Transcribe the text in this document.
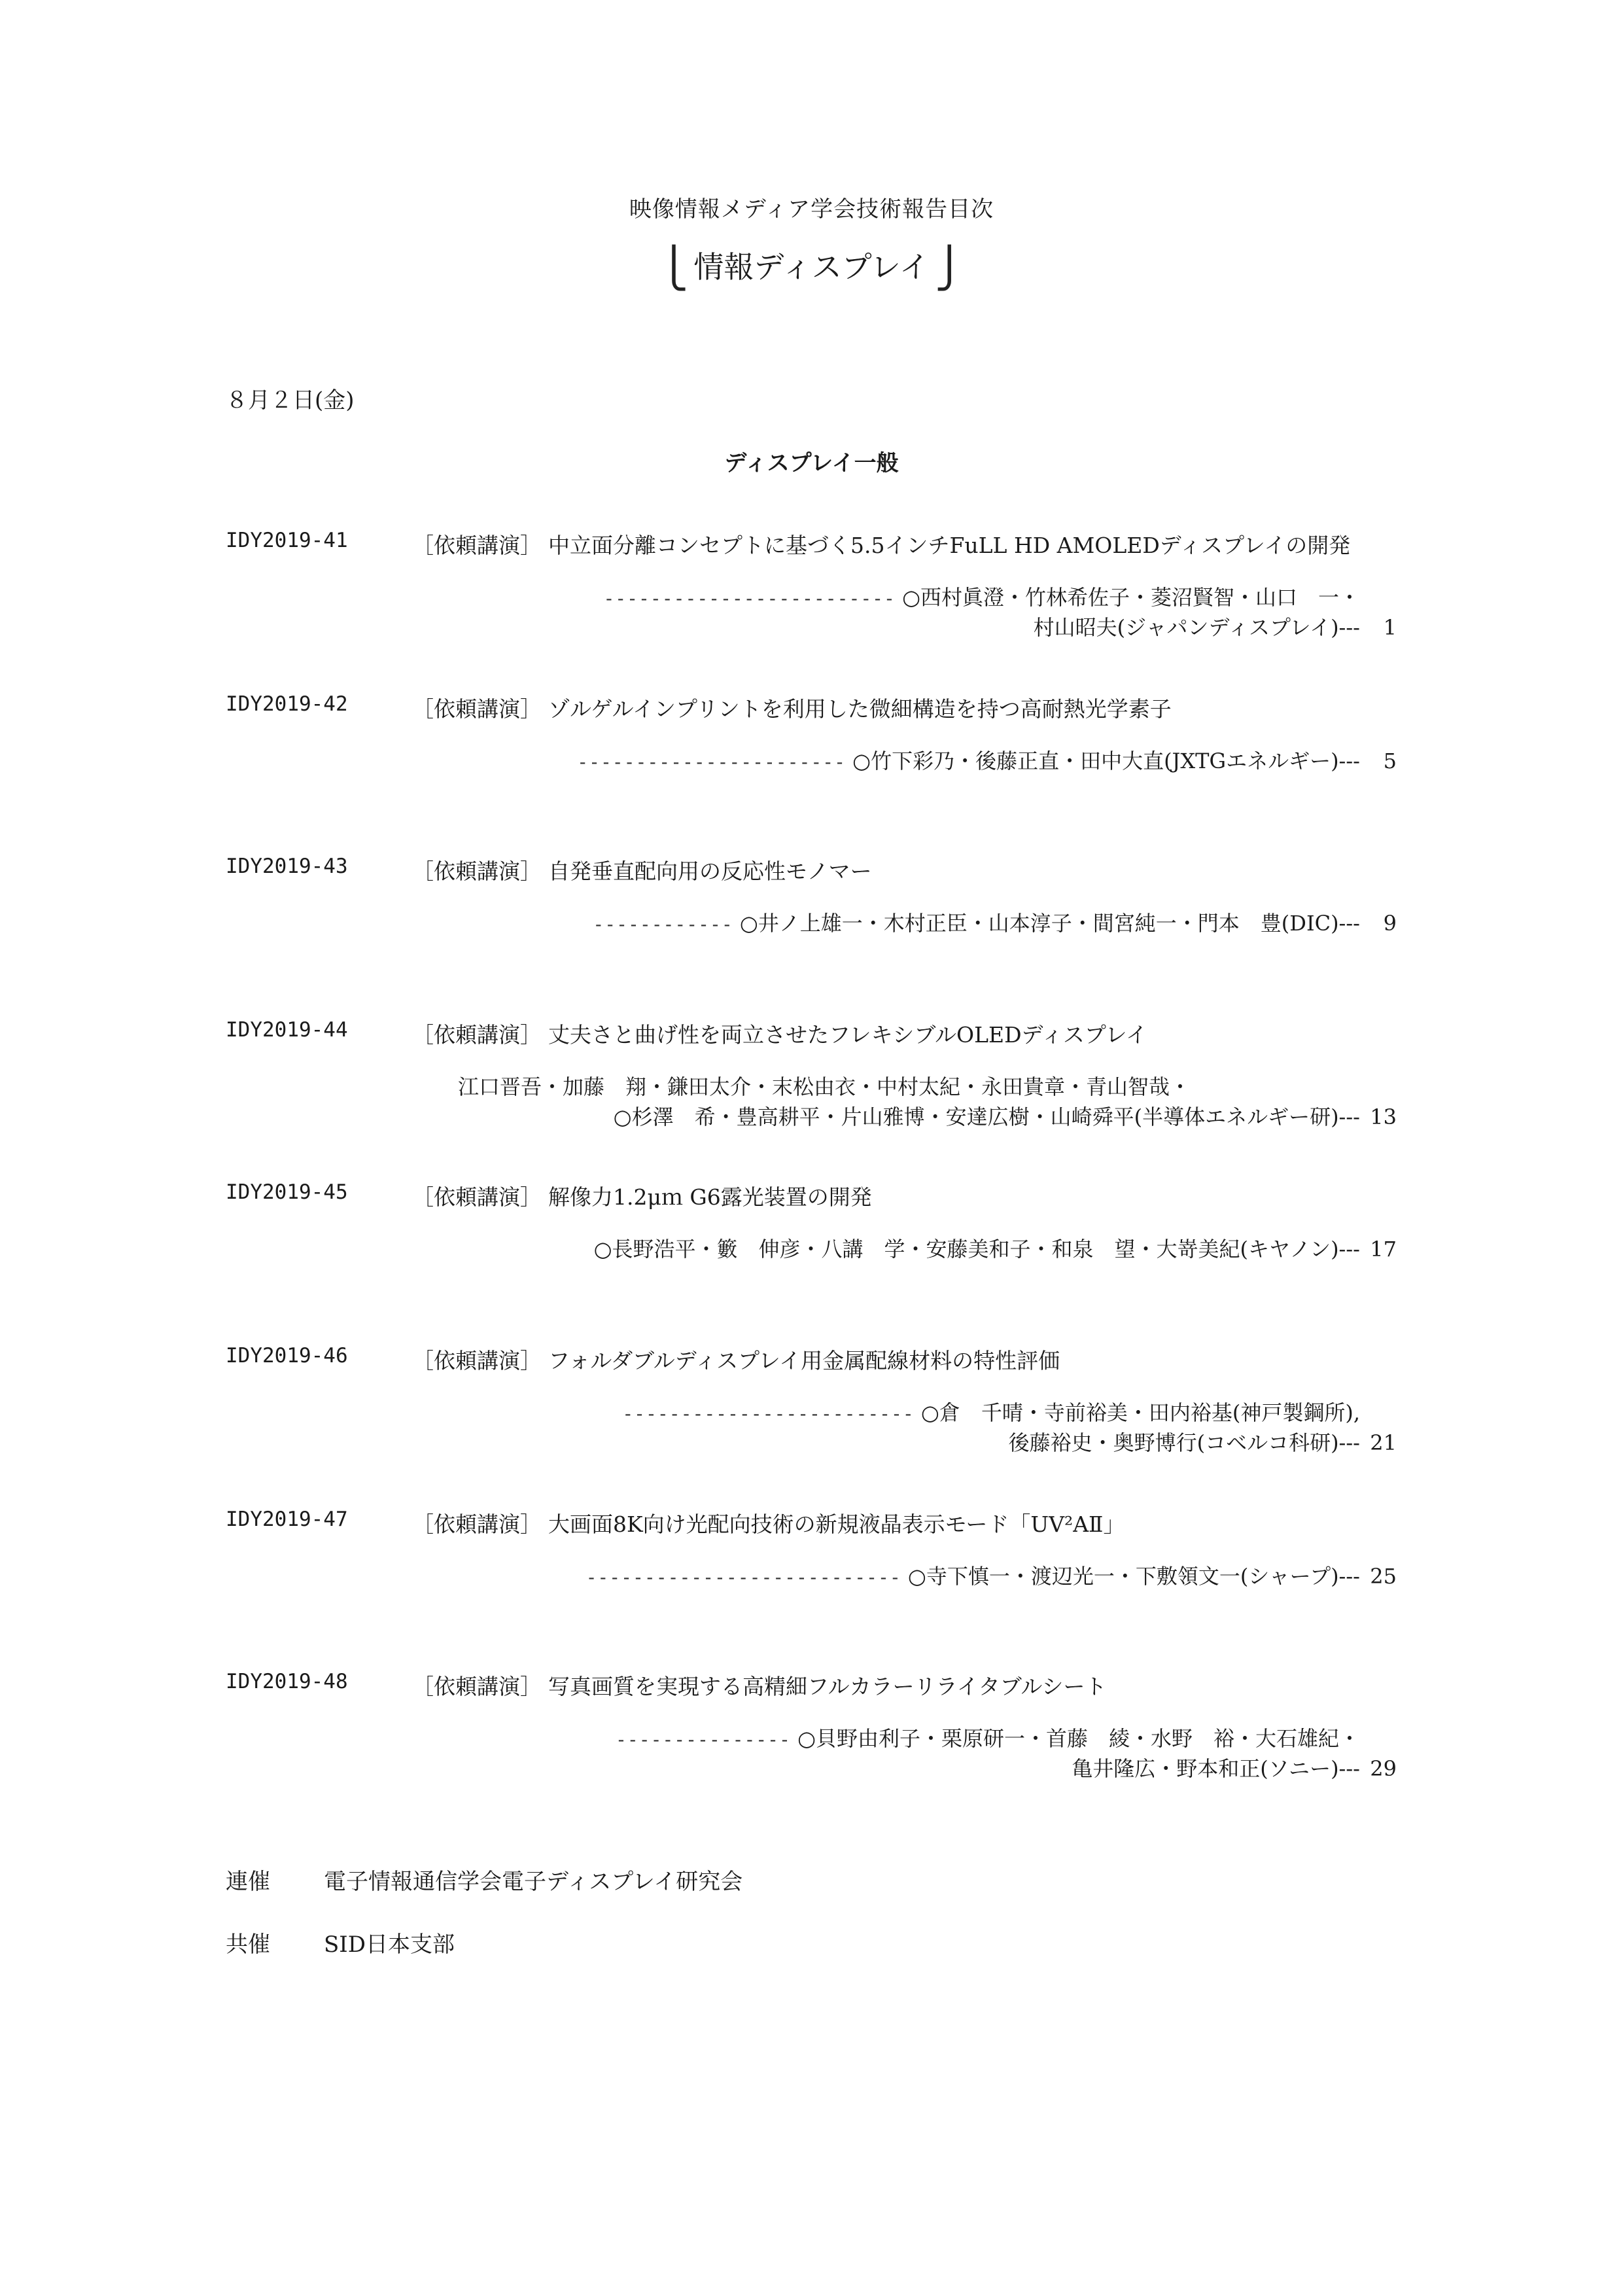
映像情報メディア学会技術報告目次
⎩ 情報ディスプレイ ⎭
８月２日(金)
ディスプレイ一般
IDY2019-41	［依頼講演］ 中立面分離コンセプトに基づく5.5インチFuLL HD AMOLEDディスプレイの開発
------------------------- ○西村眞澄・竹林希佐子・菱沼賢智・山口　一・
村山昭夫(ジャパンディスプレイ)--- 1
IDY2019-42	［依頼講演］ ゾルゲルインプリントを利用した微細構造を持つ高耐熱光学素子
----------------------- ○竹下彩乃・後藤正直・田中大直(JXTGエネルギー)--- 5
IDY2019-43	［依頼講演］ 自発垂直配向用の反応性モノマー
------------ ○井ノ上雄一・木村正臣・山本淳子・間宮純一・門本　豊(DIC)--- 9
IDY2019-44	［依頼講演］ 丈夫さと曲げ性を両立させたフレキシブルOLEDディスプレイ
江口晋吾・加藤　翔・鎌田太介・末松由衣・中村太紀・永田貴章・青山智哉・
○杉澤　希・豊高耕平・片山雅博・安達広樹・山崎舜平(半導体エネルギー研)--- 13
IDY2019-45	［依頼講演］ 解像力1.2μｍ G6露光装置の開発
○長野浩平・籔　伸彦・八講　学・安藤美和子・和泉　望・大嵜美紀(キヤノン)--- 17
IDY2019-46	［依頼講演］ フォルダブルディスプレイ用金属配線材料の特性評価
------------------------- ○倉　千晴・寺前裕美・田内裕基(神戸製鋼所),
後藤裕史・奥野博行(コベルコ科研)--- 21
IDY2019-47	［依頼講演］ 大画面8K向け光配向技術の新規液晶表示モード「UV²AⅡ」
--------------------------- ○寺下慎一・渡辺光一・下敷領文一(シャープ)--- 25
IDY2019-48	［依頼講演］ 写真画質を実現する高精細フルカラーリライタブルシート
--------------- ○貝野由利子・栗原研一・首藤　綾・水野　裕・大石雄紀・
亀井隆広・野本和正(ソニー)--- 29
連催 電子情報通信学会電子ディスプレイ研究会
共催 SID日本支部
